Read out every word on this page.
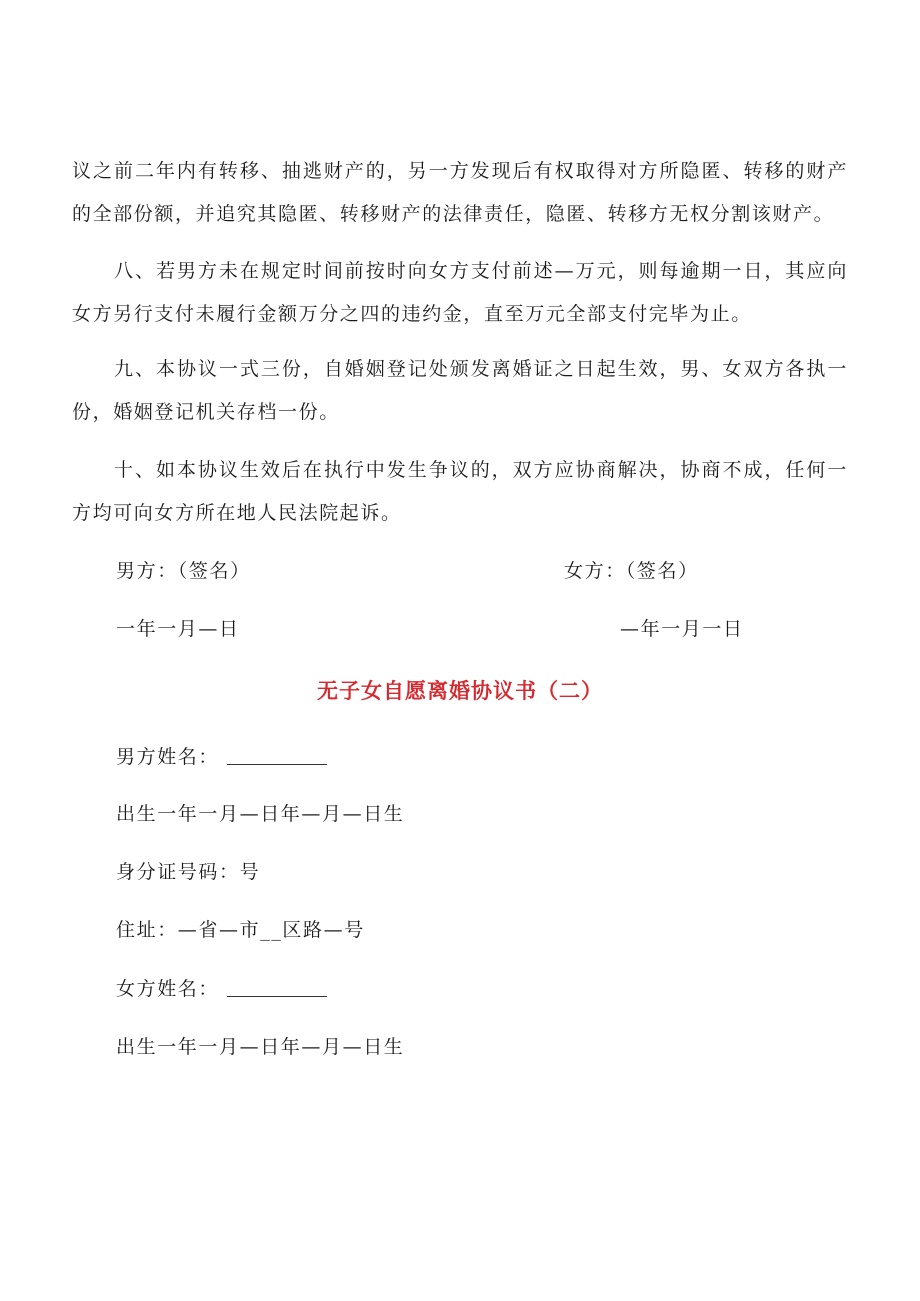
议之前二年内有转移、抽逃财产的，另一方发现后有权取得对方所隐匿、转移的财产的全部份额，并追究其隐匿、转移财产的法律责任，隐匿、转移方无权分割该财产。

八、若男方未在规定时间前按时向女方支付前述—万元，则每逾期一日，其应向女方另行支付未履行金额万分之四的违约金，直至万元全部支付完毕为止。

九、本协议一式三份，自婚姻登记处颁发离婚证之日起生效，男、女双方各执一份，婚姻登记机关存档一份。

十、如本协议生效后在执行中发生争议的，双方应协商解决，协商不成，任何一方均可向女方所在地人民法院起诉。

男方：（签名）	女方：（签名）

一年一月—日	—年一月一日

无子女自愿离婚协议书（二）

男方姓名：

出生一年一月—日年—月—日生

身分证号码：号

住址：—省—市__区路—号

女方姓名：

出生一年一月—日年—月—日生
